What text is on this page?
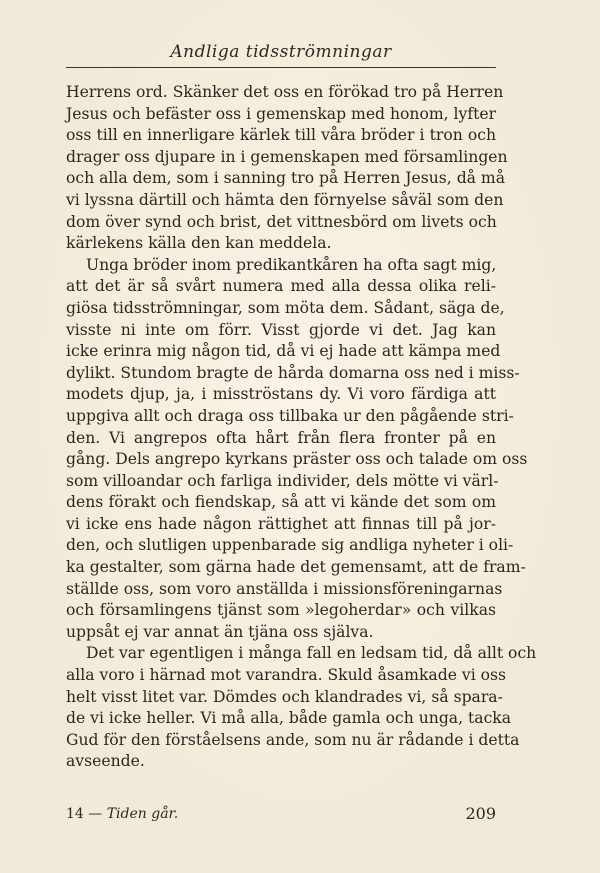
Andliga tidsströmningar
Herrens ord. Skänker det oss en förökad tro på Herren
Jesus och befäster oss i gemenskap med honom, lyfter
oss till en innerligare kärlek till våra bröder i tron och
drager oss djupare in i gemenskapen med församlingen
och alla dem, som i sanning tro på Herren Jesus, då må
vi lyssna därtill och hämta den förnyelse såväl som den
dom över synd och brist, det vittnesbörd om livets och
kärlekens källa den kan meddela.
Unga bröder inom predikantkåren ha ofta sagt mig,
att det är så svårt numera med alla dessa olika reli-
giösa tidsströmningar, som möta dem. Sådant, säga de,
visste ni inte om förr. Visst gjorde vi det. Jag kan
icke erinra mig någon tid, då vi ej hade att kämpa med
dylikt. Stundom bragte de hårda domarna oss ned i miss-
modets djup, ja, i misströstans dy. Vi voro färdiga att
uppgiva allt och draga oss tillbaka ur den pågående stri-
den. Vi angrepos ofta hårt från flera fronter på en
gång. Dels angrepo kyrkans präster oss och talade om oss
som villoandar och farliga individer, dels mötte vi värl-
dens förakt och fiendskap, så att vi kände det som om
vi icke ens hade någon rättighet att finnas till på jor-
den, och slutligen uppenbarade sig andliga nyheter i oli-
ka gestalter, som gärna hade det gemensamt, att de fram-
ställde oss, som voro anställda i missionsföreningarnas
och församlingens tjänst som »legoherdar» och vilkas
uppsåt ej var annat än tjäna oss själva.
Det var egentligen i många fall en ledsam tid, då allt och
alla voro i härnad mot varandra. Skuld åsamkade vi oss
helt visst litet var. Dömdes och klandrades vi, så spara-
de vi icke heller. Vi må alla, både gamla och unga, tacka
Gud för den förståelsens ande, som nu är rådande i detta
avseende.
14 — Tiden går.	209
